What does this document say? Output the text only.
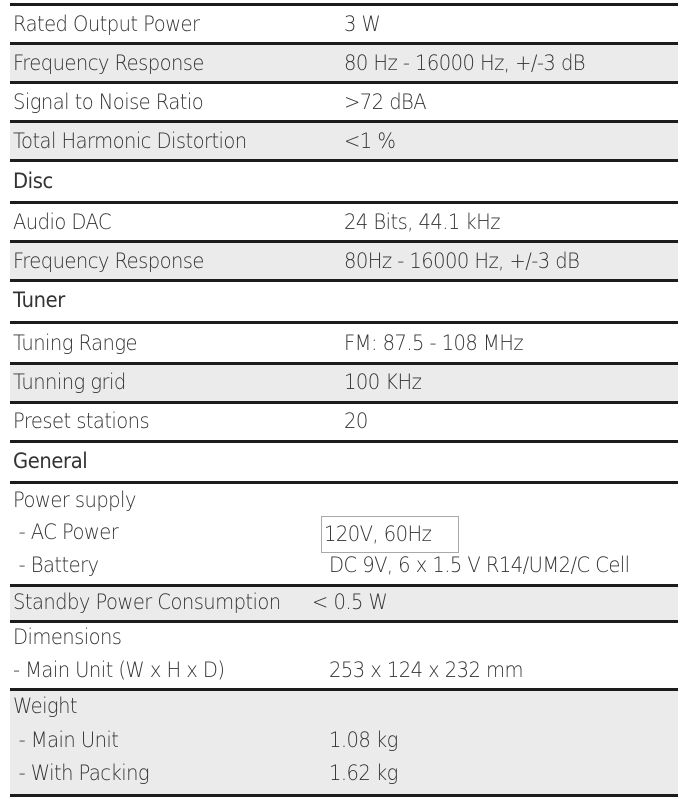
Rated Output Power	3 W
Frequency Response	80 Hz - 16000 Hz, +/-3 dB
Signal to Noise Ratio	>72 dBA
Total Harmonic Distortion	<1 %
Disc
Audio DAC	24 Bits, 44.1 kHz
Frequency Response	80Hz - 16000 Hz, +/-3 dB
Tuner
Tuning Range	FM: 87.5 - 108 MHz
Tunning grid	100 KHz
Preset stations	20
General
Power supply
- AC Power	120V, 60Hz
- Battery	DC 9V, 6 x 1.5 V R14/UM2/C Cell
Standby Power Consumption < 0.5 W
Dimensions
- Main Unit (W x H x D)	253 x 124 x 232 mm
Weight
- Main Unit	1.08 kg
- With Packing	1.62 kg
